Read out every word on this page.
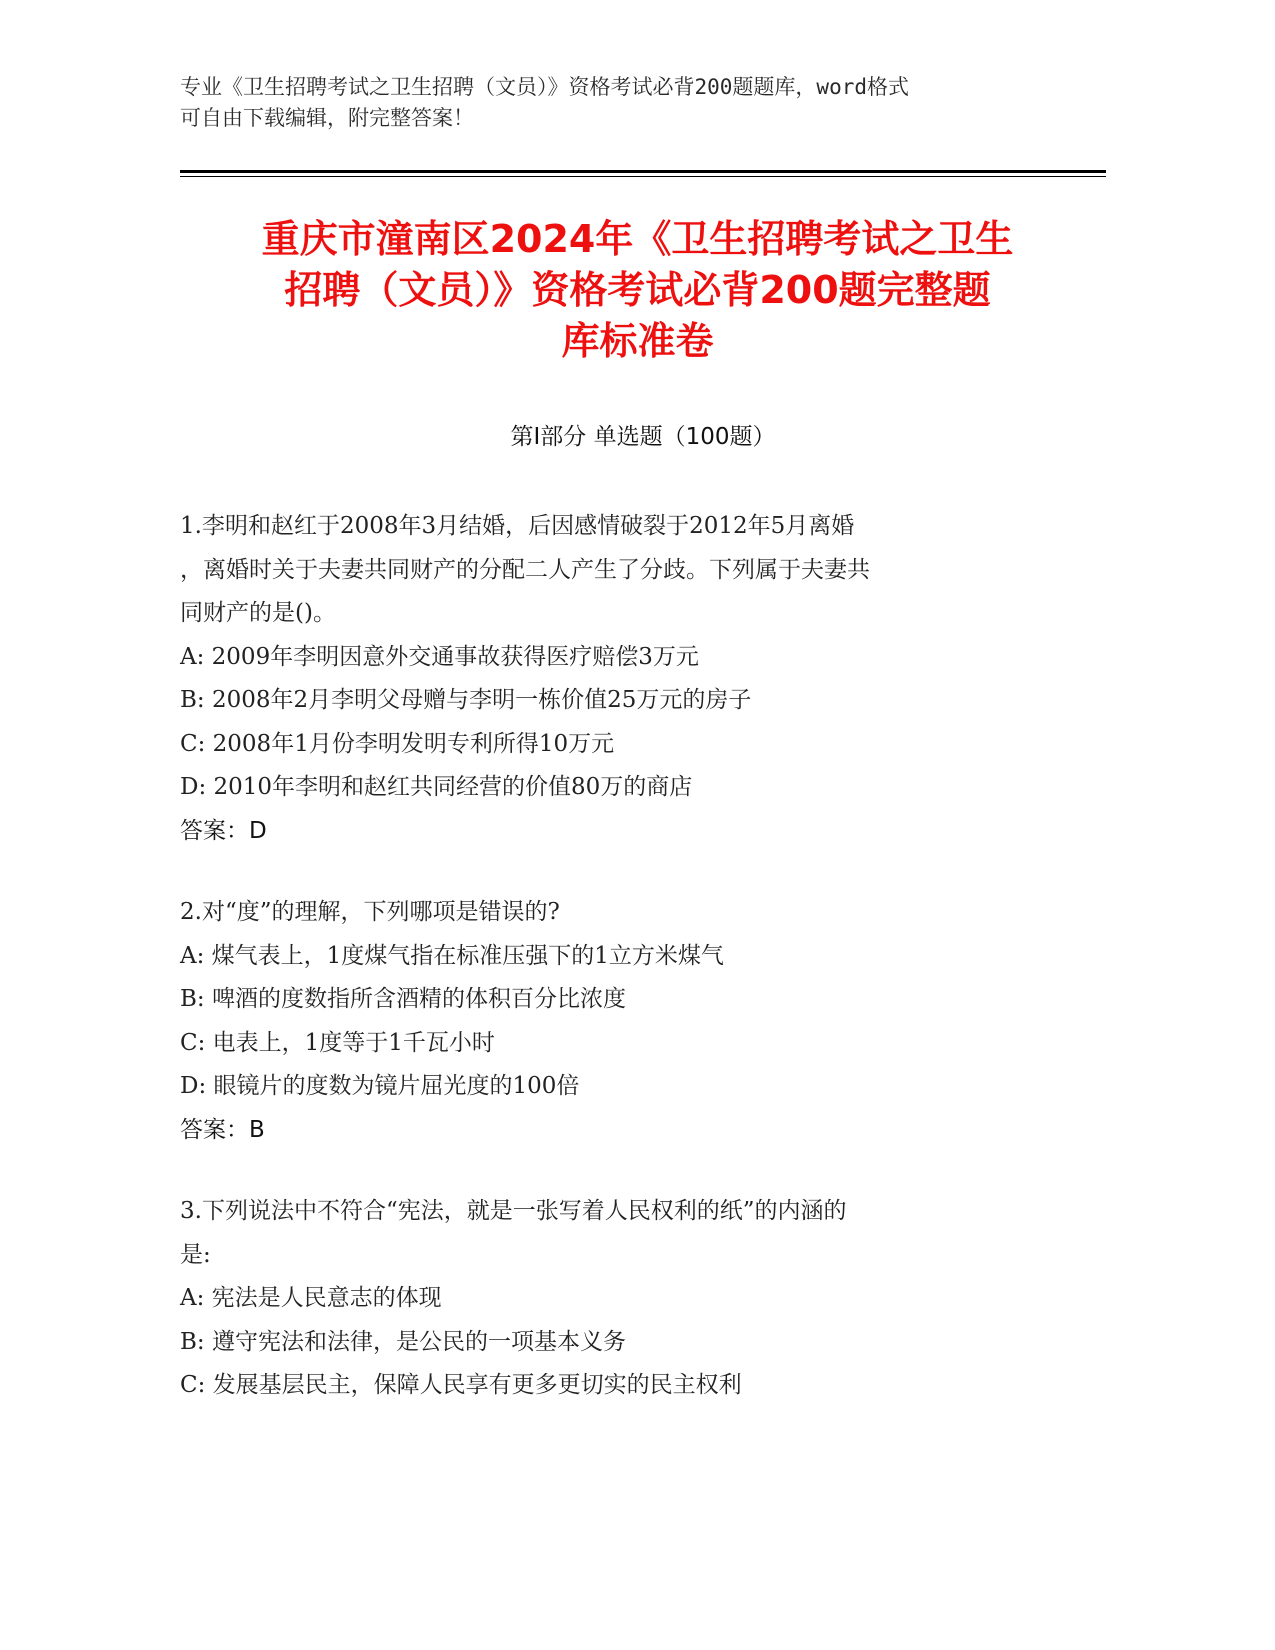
专业《卫生招聘考试之卫生招聘（文员）》资格考试必背200题题库，word格式
可自由下载编辑，附完整答案！
重庆市潼南区2024年《卫生招聘考试之卫生
招聘（文员）》资格考试必背200题完整题
库标准卷
第Ⅰ部分 单选题（100题）
1.李明和赵红于2008年3月结婚，后因感情破裂于2012年5月离婚
，离婚时关于夫妻共同财产的分配二人产生了分歧。下列属于夫妻共
同财产的是()。
A: 2009年李明因意外交通事故获得医疗赔偿3万元
B: 2008年2月李明父母赠与李明一栋价值25万元的房子
C: 2008年1月份李明发明专利所得10万元
D: 2010年李明和赵红共同经营的价值80万的商店
答案：D
2.对“度”的理解，下列哪项是错误的?
A: 煤气表上，1度煤气指在标准压强下的1立方米煤气
B: 啤酒的度数指所含酒精的体积百分比浓度
C: 电表上，1度等于1千瓦小时
D: 眼镜片的度数为镜片屈光度的100倍
答案：B
3.下列说法中不符合“宪法，就是一张写着人民权利的纸”的内涵的
是:
A: 宪法是人民意志的体现
B: 遵守宪法和法律，是公民的一项基本义务
C: 发展基层民主，保障人民享有更多更切实的民主权利
